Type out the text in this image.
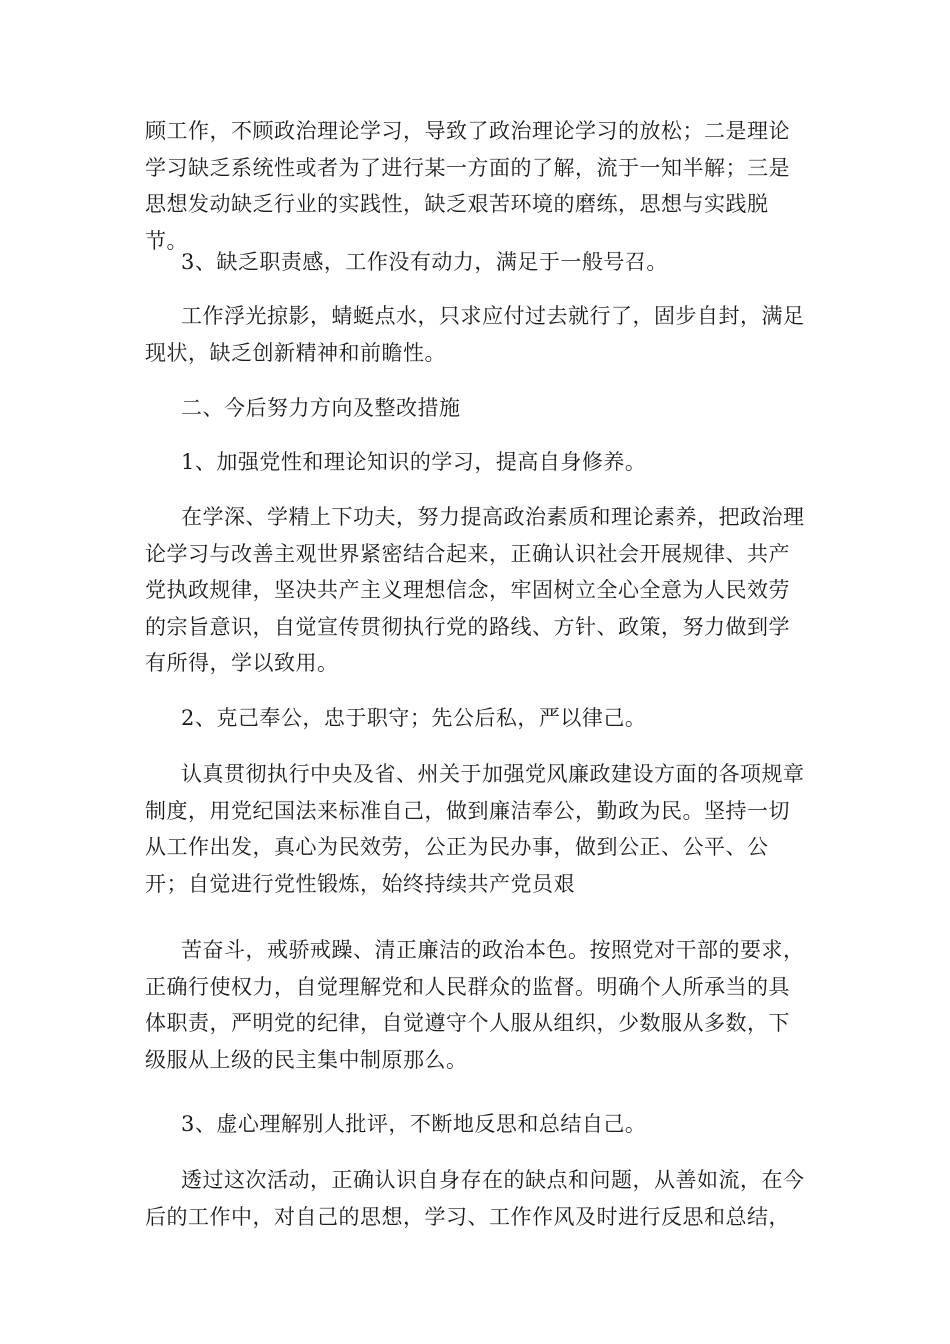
顾工作，不顾政治理论学习，导致了政治理论学习的放松；二是理论学习缺乏系统性或者为了进行某一方面的了解，流于一知半解；三是思想发动缺乏行业的实践性，缺乏艰苦环境的磨练，思想与实践脱节。

3、缺乏职责感，工作没有动力，满足于一般号召。

工作浮光掠影，蜻蜓点水，只求应付过去就行了，固步自封，满足现状，缺乏创新精神和前瞻性。

二、今后努力方向及整改措施

1、加强党性和理论知识的学习，提高自身修养。

在学深、学精上下功夫，努力提高政治素质和理论素养，把政治理论学习与改善主观世界紧密结合起来，正确认识社会开展规律、共产党执政规律，坚决共产主义理想信念，牢固树立全心全意为人民效劳的宗旨意识，自觉宣传贯彻执行党的路线、方针、政策，努力做到学有所得，学以致用。

2、克己奉公，忠于职守；先公后私，严以律己。

认真贯彻执行中央及省、州关于加强党风廉政建设方面的各项规章制度，用党纪国法来标准自己，做到廉洁奉公，勤政为民。坚持一切从工作出发，真心为民效劳，公正为民办事，做到公正、公平、公开；自觉进行党性锻炼，始终持续共产党员艰

苦奋斗，戒骄戒躁、清正廉洁的政治本色。按照党对干部的要求，正确行使权力，自觉理解党和人民群众的监督。明确个人所承当的具体职责，严明党的纪律，自觉遵守个人服从组织，少数服从多数，下级服从上级的民主集中制原那么。

3、虚心理解别人批评，不断地反思和总结自己。

透过这次活动，正确认识自身存在的缺点和问题，从善如流，在今后的工作中，对自己的思想，学习、工作作风及时进行反思和总结，
